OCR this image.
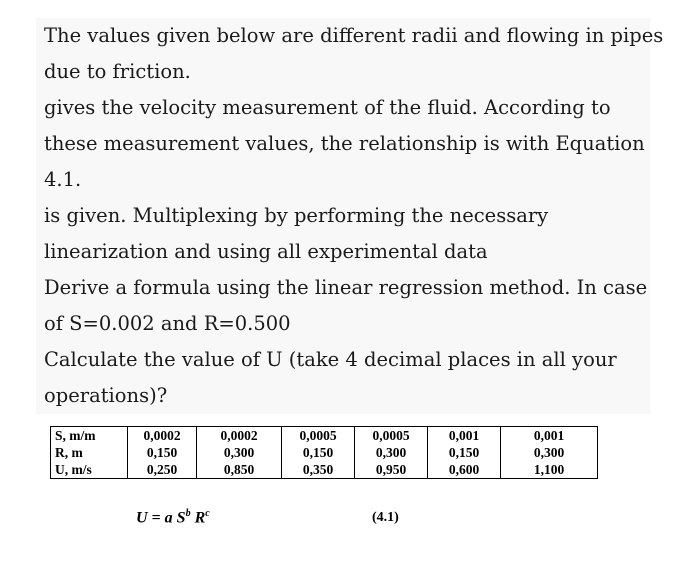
The values given below are different radii and flowing in pipes
due to friction.
gives the velocity measurement of the fluid. According to
these measurement values, the relationship is with Equation
4.1.
is given. Multiplexing by performing the necessary
linearization and using all experimental data
Derive a formula using the linear regression method. In case
of S=0.002 and R=0.500
Calculate the value of U (take 4 decimal places in all your
operations)?
S, m/m	0,0002	0,0002	0,0005	0,0005	0,001	0,001
R, m	0,150	0,300	0,150	0,300	0,150	0,300
U, m/s	0,250	0,850	0,350	0,950	0,600	1,100
U = a $S^b$ $R^c$	(4.1)
